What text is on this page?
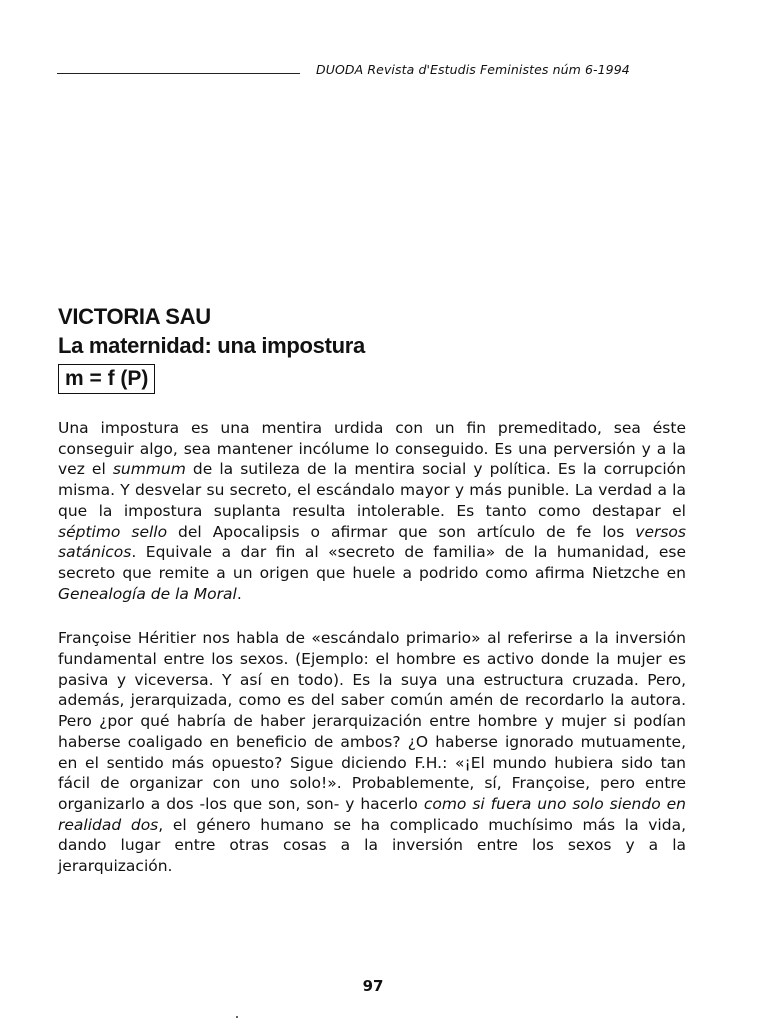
DUODA Revista d'Estudis Feministes núm 6-1994
VICTORIA SAU
La maternidad: una impostura
m = f (P)

Una impostura es una mentira urdida con un fin premeditado, sea éste conseguir algo, sea mantener incólume lo conseguido. Es una perversión y a la vez el summum de la sutileza de la mentira social y política. Es la corrupción misma. Y desvelar su secreto, el escándalo mayor y más punible. La verdad a la que la impostura suplanta resulta intolerable. Es tanto como destapar el séptimo sello del Apocalipsis o afirmar que son artículo de fe los versos satánicos. Equivale a dar fin al «secreto de familia» de la humanidad, ese secreto que remite a un origen que huele a podrido como afirma Nietzche en Genealogía de la Moral.

Françoise Héritier nos habla de «escándalo primario» al referirse a la inversión fundamental entre los sexos. (Ejemplo: el hombre es activo donde la mujer es pasiva y viceversa. Y así en todo). Es la suya una estructura cruzada. Pero, además, jerarquizada, como es del saber común amén de recordarlo la autora. Pero ¿por qué habría de haber jerarquización entre hombre y mujer si podían haberse coaligado en beneficio de ambos? ¿O haberse ignorado mutuamente, en el sentido más opuesto? Sigue diciendo F.H.: «¡El mundo hubiera sido tan fácil de organizar con uno solo!». Probablemente, sí, Françoise, pero entre organizarlo a dos -los que son, son- y hacerlo como si fuera uno solo siendo en realidad dos, el género humano se ha complicado muchísimo más la vida, dando lugar entre otras cosas a la inversión entre los sexos y a la jerarquización.

97
